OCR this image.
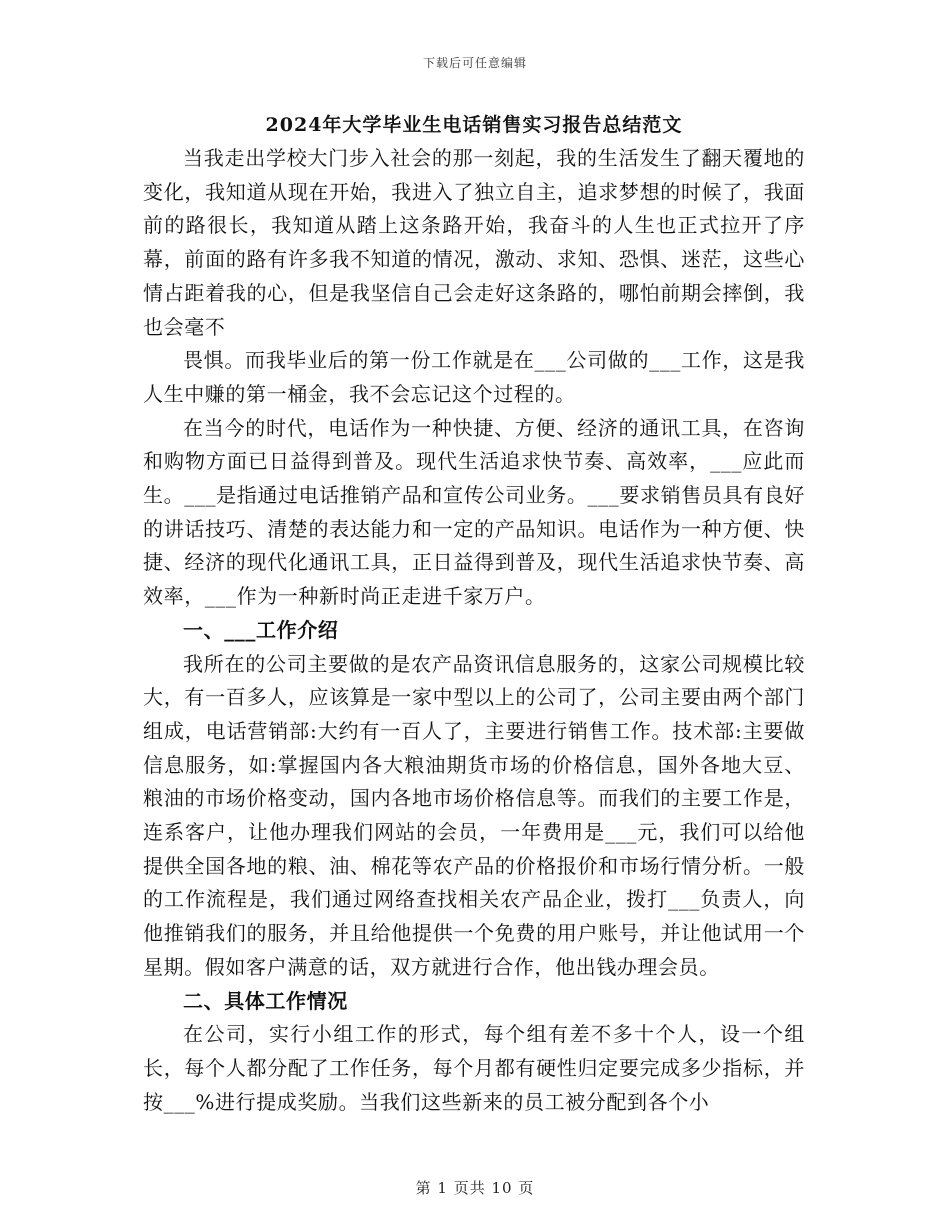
下载后可任意编辑
2024年大学毕业生电话销售实习报告总结范文

当我走出学校大门步入社会的那一刻起，我的生活发生了翻天覆地的变化，我知道从现在开始，我进入了独立自主，追求梦想的时候了，我面前的路很长，我知道从踏上这条路开始，我奋斗的人生也正式拉开了序幕，前面的路有许多我不知道的情况，激动、求知、恐惧、迷茫，这些心情占距着我的心，但是我坚信自己会走好这条路的，哪怕前期会摔倒，我也会毫不

畏惧。而我毕业后的第一份工作就是在___公司做的___工作，这是我人生中赚的第一桶金，我不会忘记这个过程的。

在当今的时代，电话作为一种快捷、方便、经济的通讯工具，在咨询和购物方面已日益得到普及。现代生活追求快节奏、高效率，___应此而生。___是指通过电话推销产品和宣传公司业务。___要求销售员具有良好的讲话技巧、清楚的表达能力和一定的产品知识。电话作为一种方便、快捷、经济的现代化通讯工具，正日益得到普及，现代生活追求快节奏、高效率，___作为一种新时尚正走进千家万户。

一、___工作介绍

我所在的公司主要做的是农产品资讯信息服务的，这家公司规模比较大，有一百多人，应该算是一家中型以上的公司了，公司主要由两个部门组成，电话营销部:大约有一百人了，主要进行销售工作。技术部:主要做信息服务，如:掌握国内各大粮油期货市场的价格信息，国外各地大豆、粮油的市场价格变动，国内各地市场价格信息等。而我们的主要工作是，连系客户，让他办理我们网站的会员，一年费用是___元，我们可以给他提供全国各地的粮、油、棉花等农产品的价格报价和市场行情分析。一般的工作流程是，我们通过网络查找相关农产品企业，拨打___负责人，向他推销我们的服务，并且给他提供一个免费的用户账号，并让他试用一个星期。假如客户满意的话，双方就进行合作，他出钱办理会员。

二、具体工作情况

在公司，实行小组工作的形式，每个组有差不多十个人，设一个组长，每个人都分配了工作任务，每个月都有硬性归定要完成多少指标，并按___%进行提成奖励。当我们这些新来的员工被分配到各个小

第 1 页共 10 页
